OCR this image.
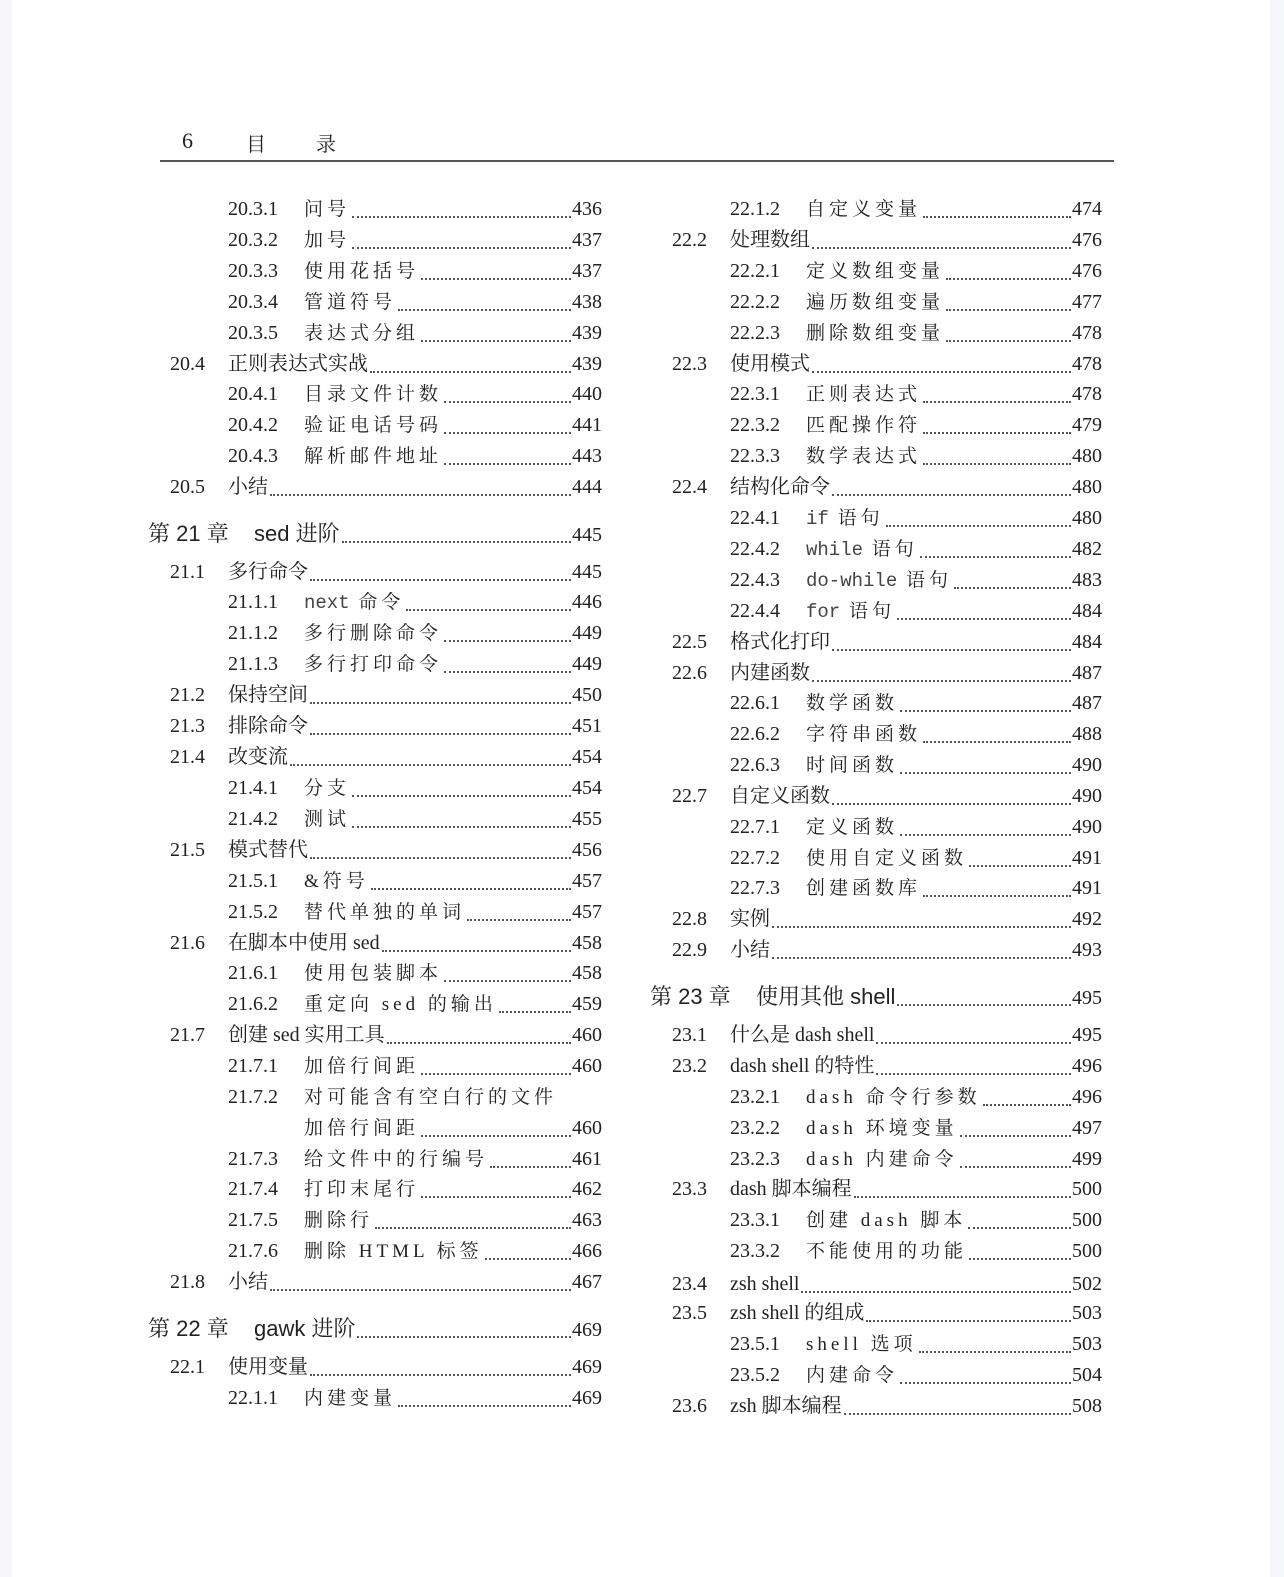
6	目	录
20.3.1	问号	436
20.3.2	加号	437
20.3.3	使用花括号	437
20.3.4	管道符号	438
20.3.5	表达式分组	439
20.4	正则表达式实战	439
20.4.1	目录文件计数	440
20.4.2	验证电话号码	441
20.4.3	解析邮件地址	443
20.5	小结	444
第 21 章	sed 进阶	445
21.1	多行命令	445
21.1.1	next 命令	446
21.1.2	多行删除命令	449
21.1.3	多行打印命令	449
21.2	保持空间	450
21.3	排除命令	451
21.4	改变流	454
21.4.1	分支	454
21.4.2	测试	455
21.5	模式替代	456
21.5.1	&符号	457
21.5.2	替代单独的单词	457
21.6	在脚本中使用 sed	458
21.6.1	使用包装脚本	458
21.6.2	重定向 sed 的输出	459
21.7	创建 sed 实用工具	460
21.7.1	加倍行间距	460
21.7.2	对可能含有空白行的文件
加倍行间距	460
21.7.3	给文件中的行编号	461
21.7.4	打印末尾行	462
21.7.5	删除行	463
21.7.6	删除 HTML 标签	466
21.8	小结	467
第 22 章	gawk 进阶	469
22.1	使用变量	469
22.1.1	内建变量	469
22.1.2	自定义变量	474
22.2	处理数组	476
22.2.1	定义数组变量	476
22.2.2	遍历数组变量	477
22.2.3	删除数组变量	478
22.3	使用模式	478
22.3.1	正则表达式	478
22.3.2	匹配操作符	479
22.3.3	数学表达式	480
22.4	结构化命令	480
22.4.1	if 语句	480
22.4.2	while 语句	482
22.4.3	do-while 语句	483
22.4.4	for 语句	484
22.5	格式化打印	484
22.6	内建函数	487
22.6.1	数学函数	487
22.6.2	字符串函数	488
22.6.3	时间函数	490
22.7	自定义函数	490
22.7.1	定义函数	490
22.7.2	使用自定义函数	491
22.7.3	创建函数库	491
22.8	实例	492
22.9	小结	493
第 23 章	使用其他 shell	495
23.1	什么是 dash shell	495
23.2	dash shell 的特性	496
23.2.1	dash 命令行参数	496
23.2.2	dash 环境变量	497
23.2.3	dash 内建命令	499
23.3	dash 脚本编程	500
23.3.1	创建 dash 脚本	500
23.3.2	不能使用的功能	500
23.4	zsh shell	502
23.5	zsh shell 的组成	503
23.5.1	shell 选项	503
23.5.2	内建命令	504
23.6	zsh 脚本编程	508
